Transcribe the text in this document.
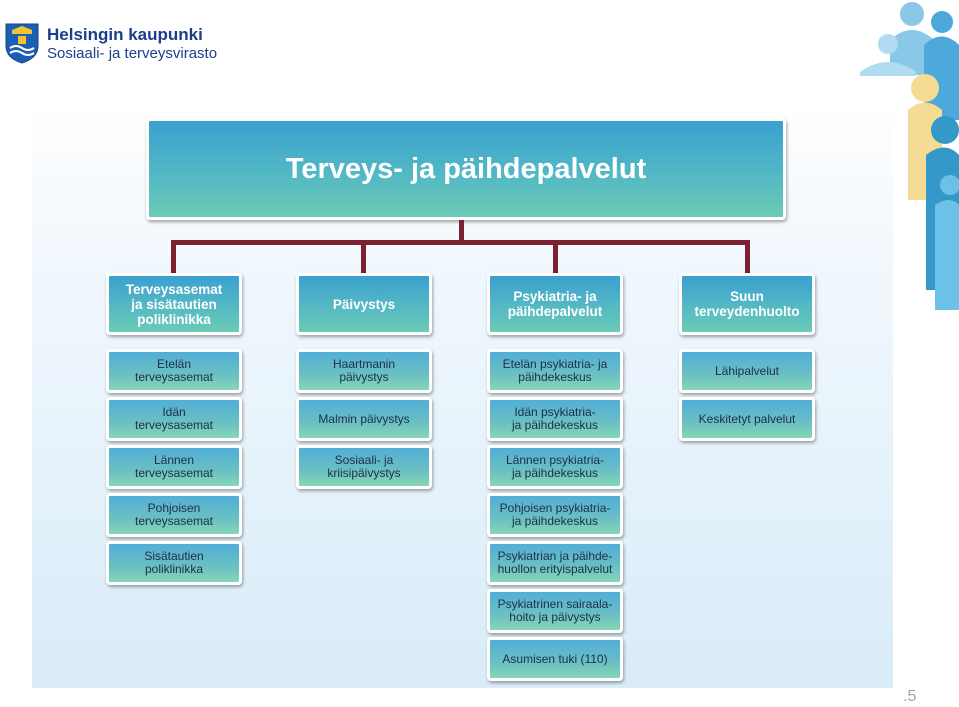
Helsingin kaupunki
Sosiaali- ja terveysvirasto
Terveys- ja päihdepalvelut
Terveysasemat
ja sisätautien
poliklinikka
Etelän
terveysasemat
Idän
terveysasemat
Lännen
terveysasemat
Pohjoisen
terveysasemat
Sisätautien
poliklinikka
Päivystys
Haartmanin
päivystys
Malmin päivystys
Sosiaali- ja
kriisipäivystys
Psykiatria- ja
päihdepalvelut
Etelän psykiatria- ja
päihdekeskus
Idän psykiatria-
ja päihdekeskus
Lännen psykiatria-
ja päihdekeskus
Pohjoisen psykiatria-
ja päihdekeskus
Psykiatrian ja päihde-
huollon erityispalvelut
Psykiatrinen sairaala-
hoito ja päivystys
Asumisen tuki (110)
Suun
terveydenhuolto
Lähipalvelut
Keskitetyt palvelut
.5
